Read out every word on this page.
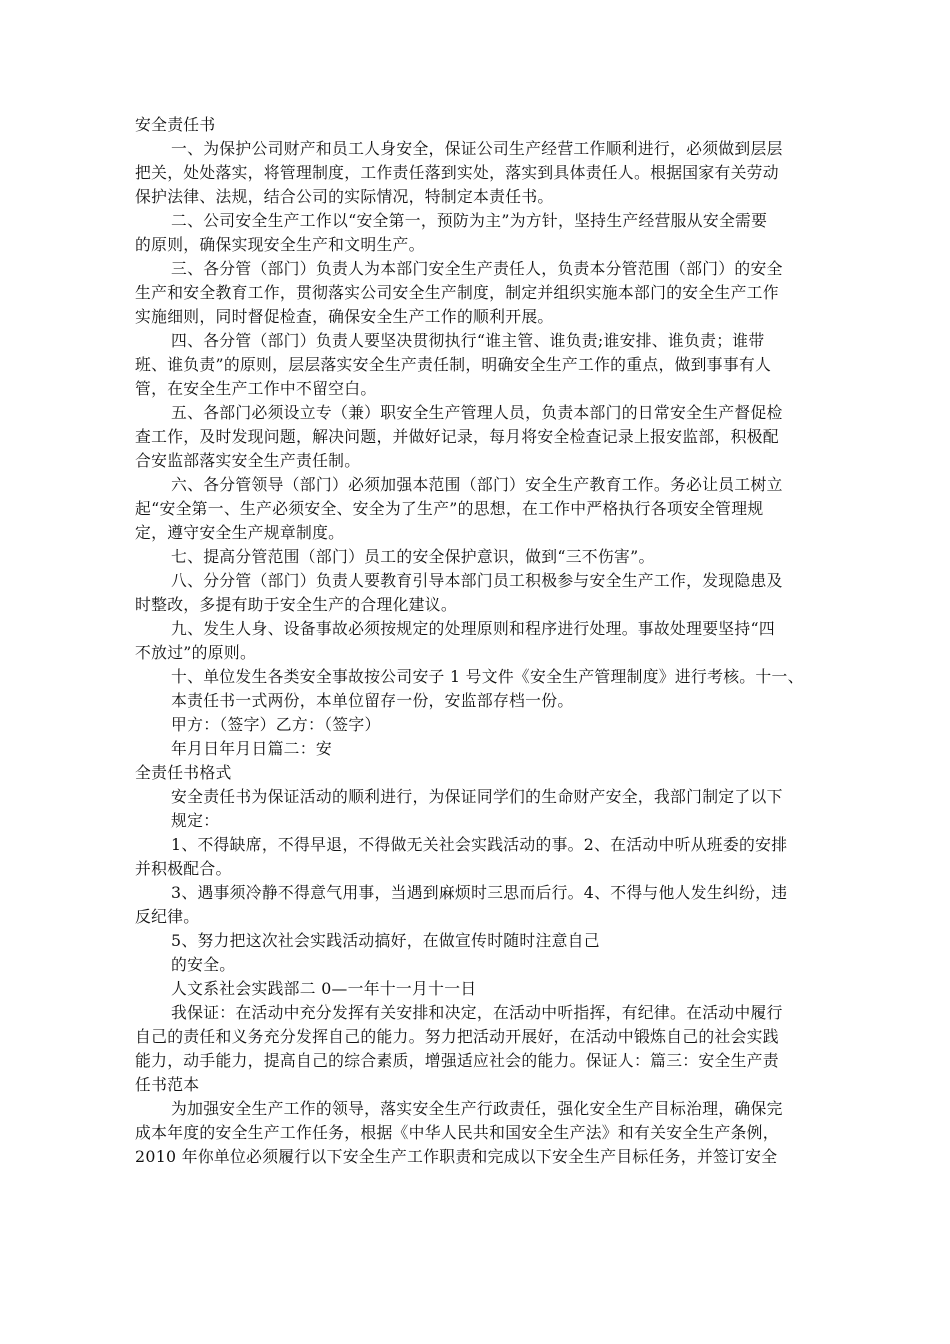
安全责任书
一、为保护公司财产和员工人身安全，保证公司生产经营工作顺利进行，必须做到层层
把关，处处落实，将管理制度，工作责任落到实处，落实到具体责任人。根据国家有关劳动
保护法律、法规，结合公司的实际情况，特制定本责任书。
二、公司安全生产工作以“安全第一，预防为主”为方针，坚持生产经营服从安全需要
的原则，确保实现安全生产和文明生产。
三、各分管（部门）负责人为本部门安全生产责任人，负责本分管范围（部门）的安全
生产和安全教育工作，贯彻落实公司安全生产制度，制定并组织实施本部门的安全生产工作
实施细则，同时督促检查，确保安全生产工作的顺利开展。
四、各分管（部门）负责人要坚决贯彻执行“谁主管、谁负责;谁安排、谁负责；谁带
班、谁负责”的原则，层层落实安全生产责任制，明确安全生产工作的重点，做到事事有人
管，在安全生产工作中不留空白。
五、各部门必须设立专（兼）职安全生产管理人员，负责本部门的日常安全生产督促检
查工作，及时发现问题，解决问题，并做好记录，每月将安全检查记录上报安监部，积极配
合安监部落实安全生产责任制。
六、各分管领导（部门）必须加强本范围（部门）安全生产教育工作。务必让员工树立
起“安全第一、生产必须安全、安全为了生产”的思想，在工作中严格执行各项安全管理规
定，遵守安全生产规章制度。
七、提高分管范围（部门）员工的安全保护意识，做到“三不伤害”。
八、分分管（部门）负责人要教育引导本部门员工积极参与安全生产工作，发现隐患及
时整改，多提有助于安全生产的合理化建议。
九、发生人身、设备事故必须按规定的处理原则和程序进行处理。事故处理要坚持“四
不放过”的原则。
十、单位发生各类安全事故按公司安子 1 号文件《安全生产管理制度》进行考核。十一、
本责任书一式两份，本单位留存一份，安监部存档一份。
甲方：（签字）乙方：（签字）
年月日年月日篇二：安
全责任书格式
安全责任书为保证活动的顺利进行，为保证同学们的生命财产安全，我部门制定了以下
规定：
1、不得缺席，不得早退，不得做无关社会实践活动的事。2、在活动中听从班委的安排
并积极配合。
3、遇事须冷静不得意气用事，当遇到麻烦时三思而后行。4、不得与他人发生纠纷，违
反纪律。
5、努力把这次社会实践活动搞好，在做宣传时随时注意自己
的安全。
人文系社会实践部二 0—一年十一月十一日
我保证：在活动中充分发挥有关安排和决定，在活动中听指挥，有纪律。在活动中履行
自己的责任和义务充分发挥自己的能力。努力把活动开展好，在活动中锻炼自己的社会实践
能力，动手能力，提高自己的综合素质，增强适应社会的能力。保证人：篇三：安全生产责
任书范本
为加强安全生产工作的领导，落实安全生产行政责任，强化安全生产目标治理，确保完
成本年度的安全生产工作任务，根据《中华人民共和国安全生产法》和有关安全生产条例，
2010 年你单位必须履行以下安全生产工作职责和完成以下安全生产目标任务，并签订安全
